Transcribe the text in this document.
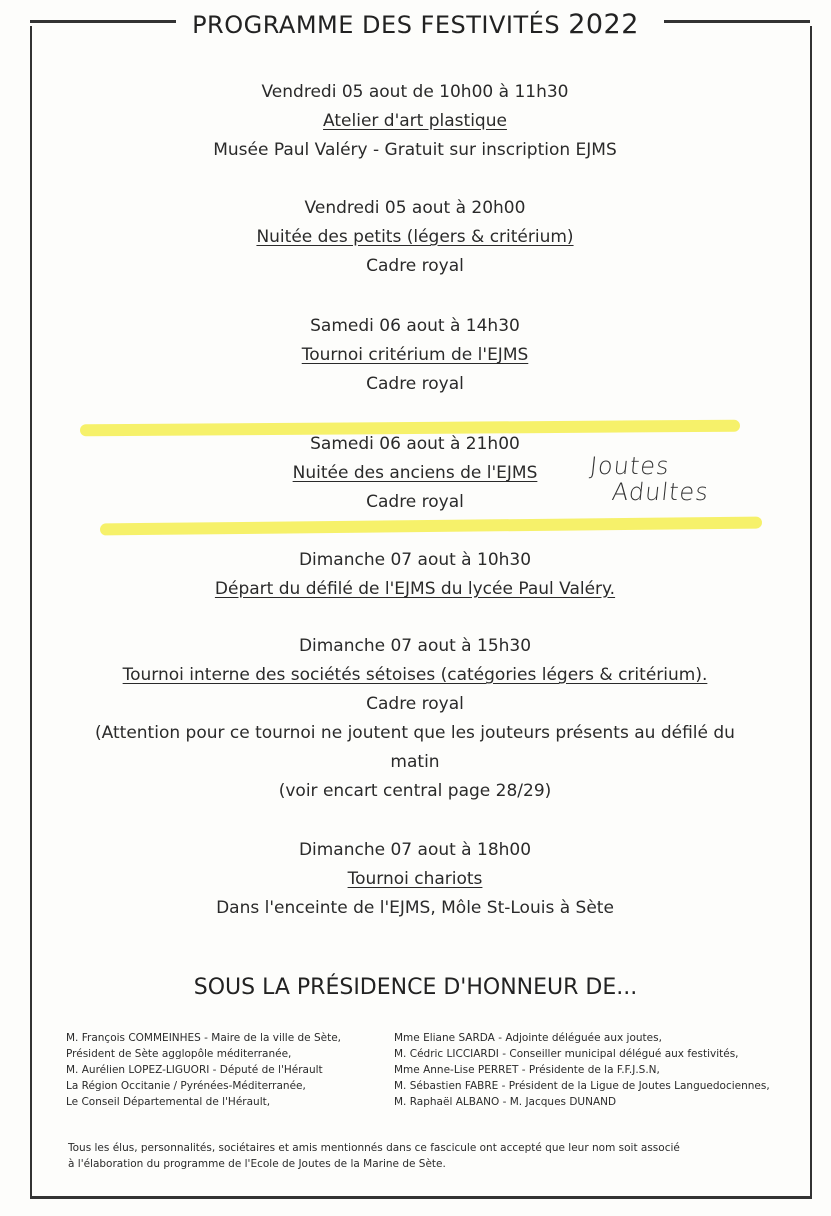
PROGRAMME DES FESTIVITÉS 2022
Vendredi 05 aout de 10h00 à 11h30
Atelier d'art plastique
Musée Paul Valéry - Gratuit sur inscription EJMS
Vendredi 05 aout à 20h00
Nuitée des petits (légers & critérium)
Cadre royal
Samedi 06 aout à 14h30
Tournoi critérium de l'EJMS
Cadre royal
Samedi 06 aout à 21h00
Nuitée des anciens de l'EJMS
Cadre royal
Joutes
Adultes
Dimanche 07 aout à 10h30
Départ du défilé de l'EJMS du lycée Paul Valéry.
Dimanche 07 aout à 15h30
Tournoi interne des sociétés sétoises (catégories légers & critérium).
Cadre royal
(Attention pour ce tournoi ne joutent que les jouteurs présents au défilé du
matin
(voir encart central page 28/29)
Dimanche 07 aout à 18h00
Tournoi chariots
Dans l'enceinte de l'EJMS, Môle St-Louis à Sète
SOUS LA PRÉSIDENCE D'HONNEUR DE...
M. François COMMEINHES - Maire de la ville de Sète,
Président de Sète agglopôle méditerranée,
M. Aurélien LOPEZ-LIGUORI - Député de l'Hérault
La Région Occitanie / Pyrénées-Méditerranée,
Le Conseil Départemental de l'Hérault,
Mme Eliane SARDA - Adjointe déléguée aux joutes,
M. Cédric LICCIARDI - Conseiller municipal délégué aux festivités,
Mme Anne-Lise PERRET - Présidente de la F.F.J.S.N,
M. Sébastien FABRE - Président de la Ligue de Joutes Languedociennes,
M. Raphaël ALBANO - M. Jacques DUNAND
Tous les élus, personnalités, sociétaires et amis mentionnés dans ce fascicule ont accepté que leur nom soit associé
à l'élaboration du programme de l'Ecole de Joutes de la Marine de Sète.
